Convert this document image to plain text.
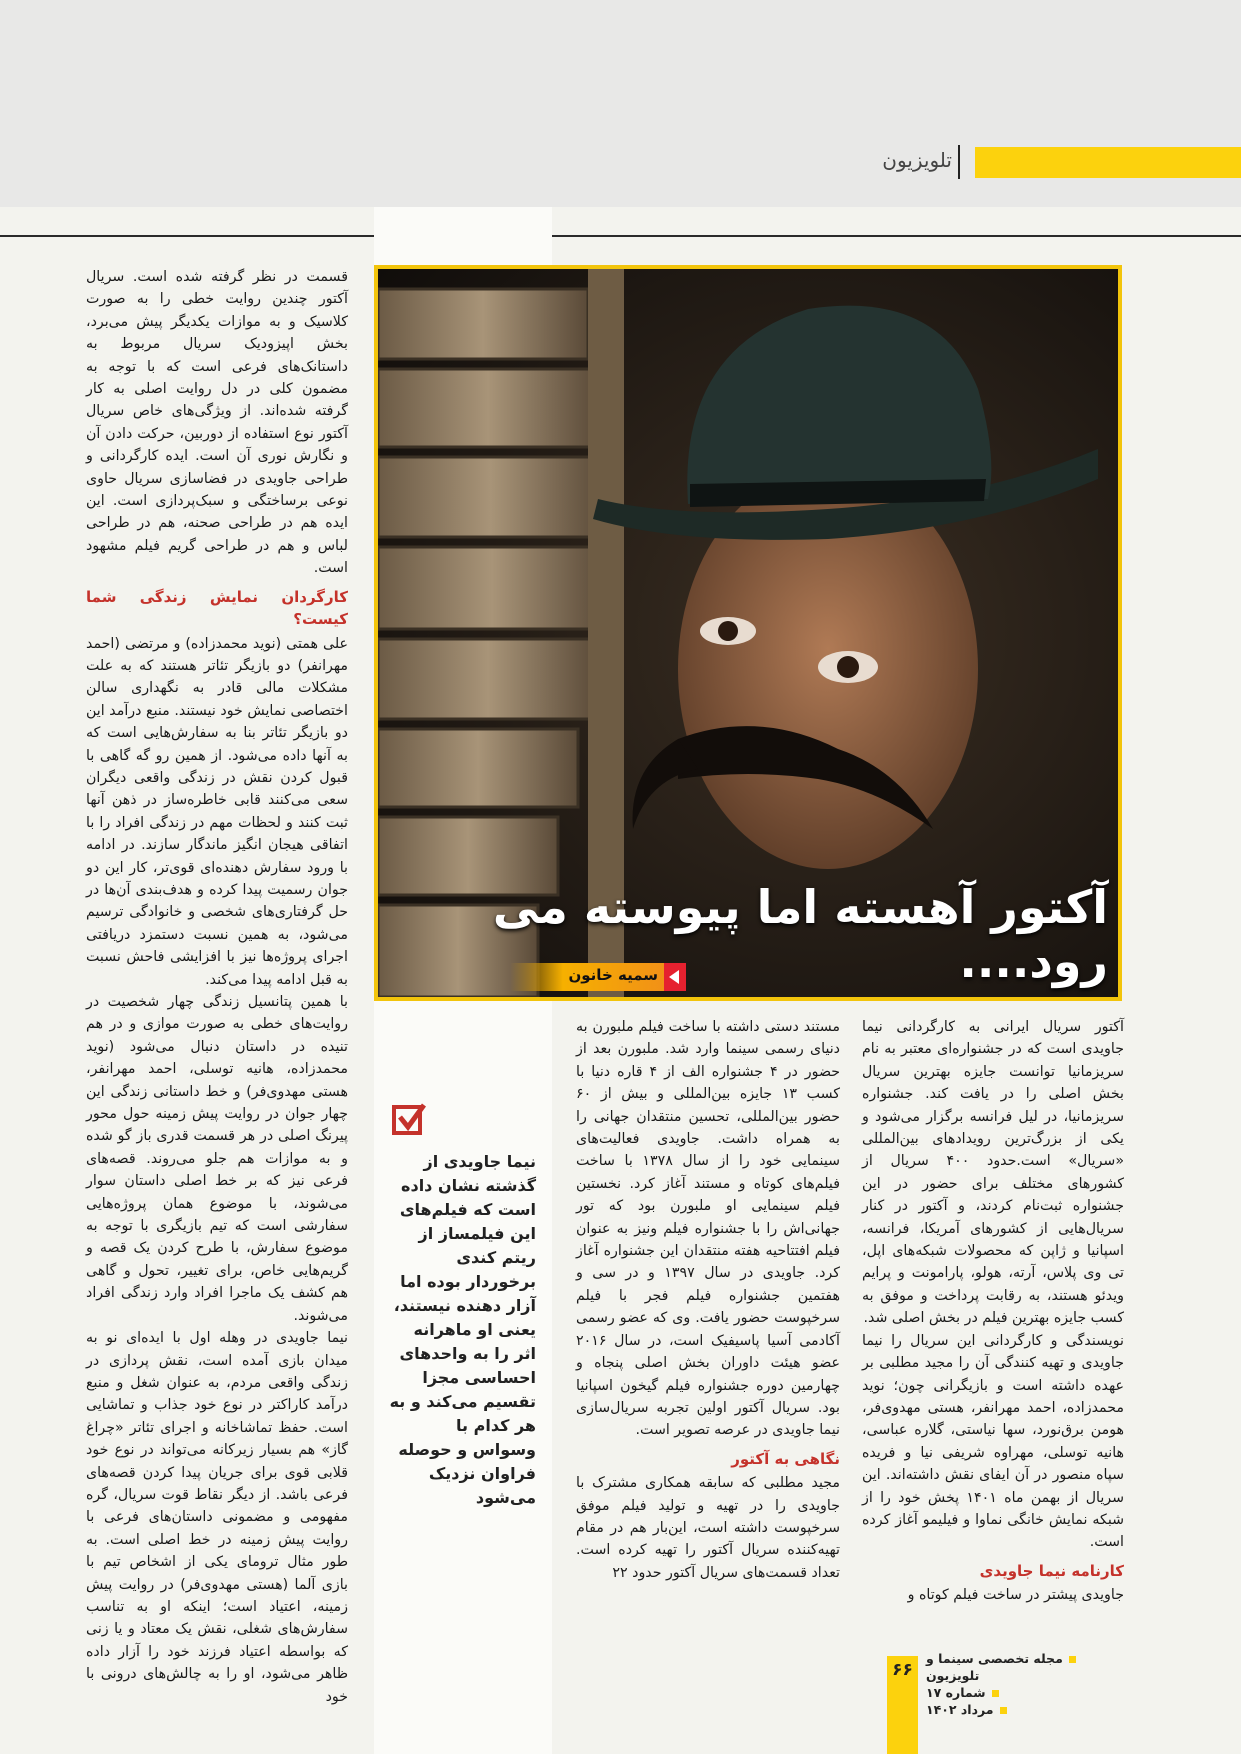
تلویزیون
آکتور آهسته اما پیوسته می رود....
سمیه خانون

آکتور سریال ایرانی به کارگردانی نیما جاویدی است که در جشنواره‌ای معتبر به نام سریزمانیا توانست جایزه بهترین سریال بخش اصلی را در یافت کند. جشنواره سریزمانیا، در لیل فرانسه برگزار می‌شود و یکی از بزرگ‌ترین رویدادهای بین‌المللی «سریال» است.حدود ۴۰۰ سریال از کشورهای مختلف برای حضور در این جشنواره ثبت‌نام کردند، و آکتور در کنار سریال‌هایی از کشورهای آمریکا، فرانسه، اسپانیا و ژاپن که محصولات شبکه‌های اپل، تی وی پلاس، آرته، هولو، پارامونت و پرایم ویدئو هستند، به رقابت پرداخت و موفق به کسب جایزه بهترین فیلم در بخش اصلی شد.

نویسندگی و کارگردانی این سریال را نیما جاویدی و تهیه کنندگی آن را مجید مطلبی بر عهده داشته است و بازیگرانی چون؛ نوید محمدزاده، احمد مهرانفر، هستی مهدوی‌فر، هومن برق‌نورد، سها نیاستی، گلاره عباسی، هانیه توسلی، مهراوه شریفی نیا و فریده سپاه منصور در آن ایفای نقش داشته‌اند. این سریال از بهمن ماه ۱۴۰۱ پخش خود را از شبکه نمایش خانگی نماوا و فیلیمو آغاز کرده است.

کارنامه نیما جاویدی

جاویدی پیشتر در ساخت فیلم کوتاه و

مستند دستی داشته با ساخت فیلم ملبورن به دنیای رسمی سینما وارد شد. ملبورن بعد از حضور در ۴ جشنواره الف از ۴ قاره دنیا با کسب ۱۳ جایزه بین‌المللی و بیش از ۶۰ حضور بین‌المللی، تحسین منتقدان جهانی را به همراه داشت. جاویدی فعالیت‌های سینمایی خود را از سال ۱۳۷۸ با ساخت فیلم‌های کوتاه و مستند آغاز کرد. نخستین فیلم سینمایی او ملبورن بود که تور جهانی‌اش را با جشنواره فیلم ونیز به عنوان فیلم افتتاحیه هفته منتقدان این جشنواره آغاز کرد. جاویدی در سال ۱۳۹۷ و در سی و هفتمین جشنواره فیلم فجر با فیلم سرخپوست حضور یافت. وی که عضو رسمی آکادمی آسیا پاسیفیک است، در سال ۲۰۱۶ عضو هیئت داوران بخش اصلی پنجاه و چهارمین دوره جشنواره فیلم گیخون اسپانیا بود. سریال آکتور اولین تجربه سریال‌سازی نیما جاویدی در عرصه تصویر است.

نگاهی به آکتور

مجید مطلبی که سابقه همکاری مشترک با جاویدی را در تهیه و تولید فیلم موفق سرخپوست داشته است، این‌بار هم در مقام تهیه‌کننده سریال آکتور را تهیه کرده است. تعداد قسمت‌های سریال آکتور حدود ۲۲

قسمت در نظر گرفته شده است. سریال آکتور چندین روایت خطی را به صورت کلاسیک و به موازات یکدیگر پیش می‌برد، بخش اپیزودیک سریال مربوط به داستانک‌های فرعی است که با توجه به مضمون کلی در دل روایت اصلی به کار گرفته شده‌اند. از ویژگی‌های خاص سریال آکتور نوع استفاده از دوربین، حرکت دادن آن و نگارش نوری آن است. ایده کارگردانی و طراحی جاویدی در فضاسازی سریال حاوی نوعی برساختگی و سبک‌پردازی است. این ایده هم در طراحی صحنه، هم در طراحی لباس و هم در طراحی گریم فیلم مشهود است.

کارگردان نمایش زندگی شما کیست؟

علی همتی (نوید محمدزاده) و مرتضی (احمد مهرانفر) دو بازیگر تئاتر هستند که به علت مشکلات مالی قادر به نگهداری سالن اختصاصی نمایش خود نیستند. منبع درآمد این دو بازیگر تئاتر بنا به سفارش‌هایی است که به آنها داده می‌شود. از همین رو گه گاهی با قبول کردن نقش در زندگی واقعی دیگران سعی می‌کنند قابی خاطره‌ساز در ذهن آنها ثبت کنند و لحظات مهم در زندگی افراد را با اتفاقی هیجان انگیز ماندگار سازند. در ادامه با ورود سفارش دهنده‌ای قوی‌تر، کار این دو جوان رسمیت پیدا کرده و هدف‌بندی آن‌ها در حل گرفتاری‌های شخصی و خانوادگی ترسیم می‌شود، به همین نسبت دستمزد دریافتی اجرای پروژه‌ها نیز با افزایشی فاحش نسبت به قبل ادامه پیدا می‌کند.

با همین پتانسیل زندگی چهار شخصیت در روایت‌های خطی به صورت موازی و در هم تنیده در داستان دنبال می‌شود (نوید محمدزاده، هانیه توسلی، احمد مهرانفر، هستی مهدوی‌فر) و خط داستانی زندگی این چهار جوان در روایت پیش زمینه حول محور پیرنگ اصلی در هر قسمت قدری باز گو شده و به موازات هم جلو می‌روند. قصه‌های فرعی نیز که بر خط اصلی داستان سوار می‌شوند، با موضوع همان پروژه‌هایی سفارشی است که تیم بازیگری با توجه به موضوع سفارش، با طرح کردن یک قصه و گریم‌هایی خاص، برای تغییر، تحول و گاهی هم کشف یک ماجرا افراد وارد زندگی افراد می‌شوند.

نیما جاویدی در وهله اول با ایده‌ای نو به میدان بازی آمده است، نقش پردازی در زندگی واقعی مردم، به عنوان شغل و منبع درآمد کاراکتر در نوع خود جذاب و تماشایی است. حفظ تماشاخانه و اجرای تئاتر «چراغ گاز» هم بسیار زیرکانه می‌تواند در نوع خود قلابی قوی برای جریان پیدا کردن قصه‌های فرعی باشد. از دیگر نقاط قوت سریال، گره مفهومی و مضمونی داستان‌های فرعی با روایت پیش زمینه در خط اصلی است. به طور مثال ترومای یکی از اشخاص تیم با بازی آلما (هستی مهدوی‌فر) در روایت پیش زمینه، اعتیاد است؛ اینکه او به تناسب سفارش‌های شغلی، نقش یک معتاد و یا زنی که بواسطه اعتیاد فرزند خود را آزار داده ظاهر می‌شود، او را به چالش‌های درونی با خود

نیما جاویدی از گذشته نشان داده است که فیلم‌های این فیلمساز از ریتم کندی برخوردار بوده اما آزار دهنده نیستند، یعنی او ماهرانه اثر را به واحدهای احساسی مجزا تقسیم می‌کند و به هر کدام با وسواس و حوصله فراوان نزدیک می‌شود
۶۶
مجله تخصصی سینما و تلویزیون
شماره ۱۷
مرداد ۱۴۰۲
